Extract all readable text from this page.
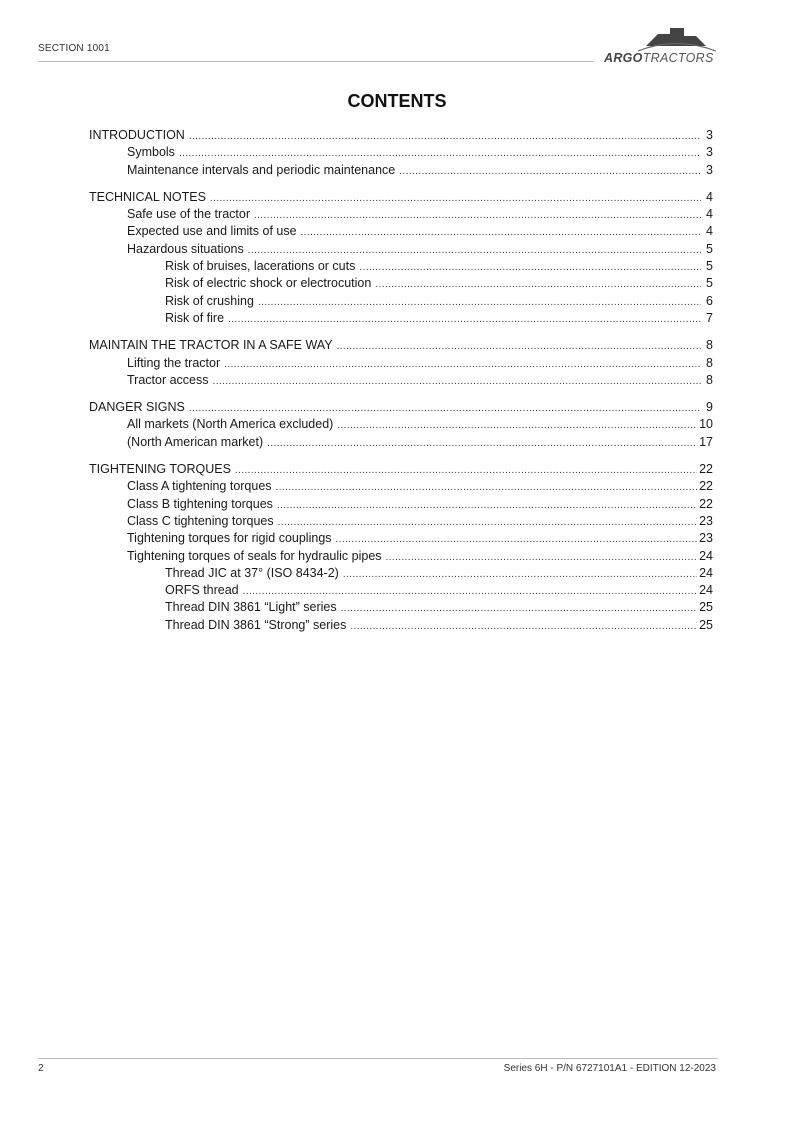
SECTION 1001
ARGOTRACTORS
CONTENTS
INTRODUCTION .....	3
Symbols .....	3
Maintenance intervals and periodic maintenance .....	3
TECHNICAL NOTES .....	4
Safe use of the tractor .....	4
Expected use and limits of use .....	4
Hazardous situations .....	5
Risk of bruises, lacerations or cuts .....	5
Risk of electric shock or electrocution .....	5
Risk of crushing .....	6
Risk of fire .....	7
MAINTAIN THE TRACTOR IN A SAFE WAY .....	8
Lifting the tractor .....	8
Tractor access .....	8
DANGER SIGNS .....	9
All markets (North America excluded) .....	10
(North American market) .....	17
TIGHTENING TORQUES .....	22
Class A tightening torques .....	22
Class B tightening torques .....	22
Class C tightening torques .....	23
Tightening torques for rigid couplings .....	23
Tightening torques of seals for hydraulic pipes .....	24
Thread JIC at 37° (ISO 8434-2) .....	24
ORFS thread .....	24
Thread DIN 3861 “Light” series .....	25
Thread DIN 3861 “Strong” series .....	25
2	Series 6H - P/N 6727101A1 - EDITION 12-2023
